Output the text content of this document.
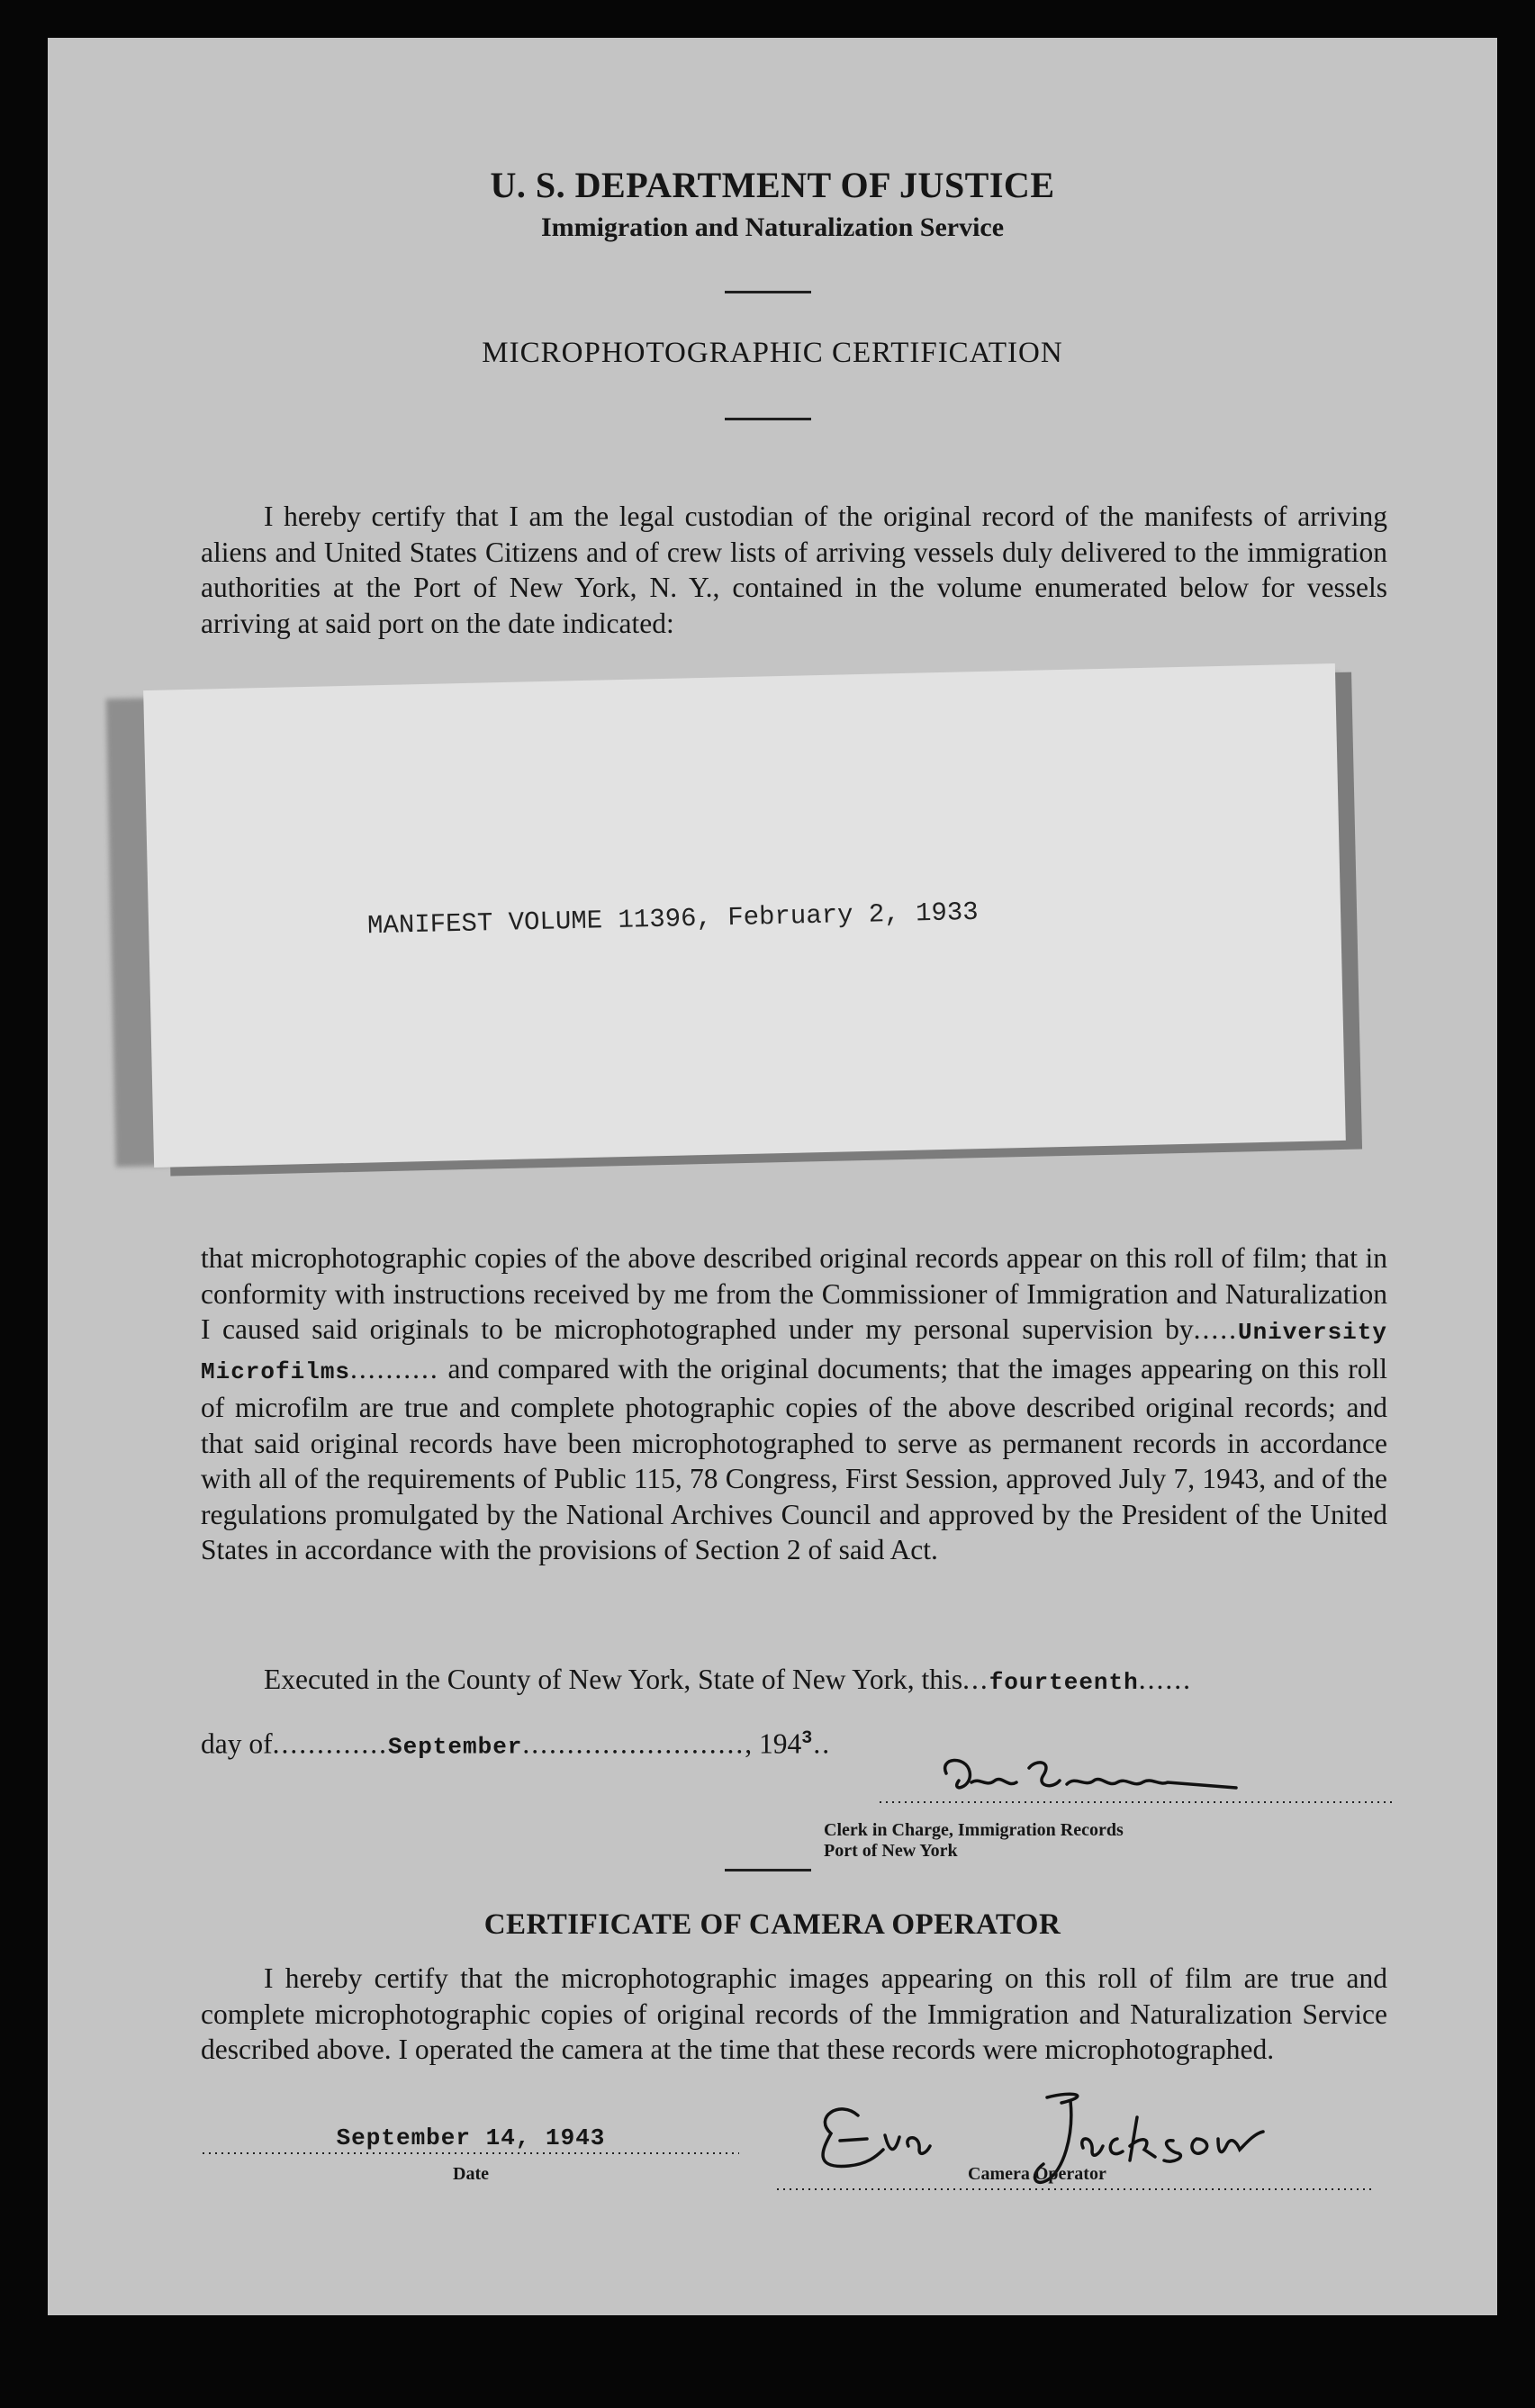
U. S. DEPARTMENT OF JUSTICE
Immigration and Naturalization Service
MICROPHOTOGRAPHIC CERTIFICATION
I hereby certify that I am the legal custodian of the original record of the manifests of arriving aliens and United States Citizens and of crew lists of arriving vessels duly delivered to the immigration authorities at the Port of New York, N. Y., contained in the volume enumerated below for vessels arriving at said port on the date indicated:
MANIFEST VOLUME 11396, February 2, 1933
that microphotographic copies of the above described original records appear on this roll of film; that in conformity with instructions received by me from the Commissioner of Immigration and Naturalization I caused said originals to be microphotographed under my personal supervision by.....University Microfilms.......... and compared with the original documents; that the images appearing on this roll of microfilm are true and complete photographic copies of the above described original records; and that said original records have been microphotographed to serve as permanent records in accordance with all of the requirements of Public 115, 78 Congress, First Session, approved July 7, 1943, and of the regulations promulgated by the National Archives Council and approved by the President of the United States in accordance with the provisions of Section 2 of said Act.
Executed in the County of New York, State of New York, this...fourteenth......
day of.............September........................., $194^3$..
Clerk in Charge, Immigration Records
Port of New York
CERTIFICATE OF CAMERA OPERATOR
I hereby certify that the microphotographic images appearing on this roll of film are true and complete microphotographic copies of original records of the Immigration and Naturalization Service described above. I operated the camera at the time that these records were microphotographed.
September 14, 1943
Date	Camera Operator
